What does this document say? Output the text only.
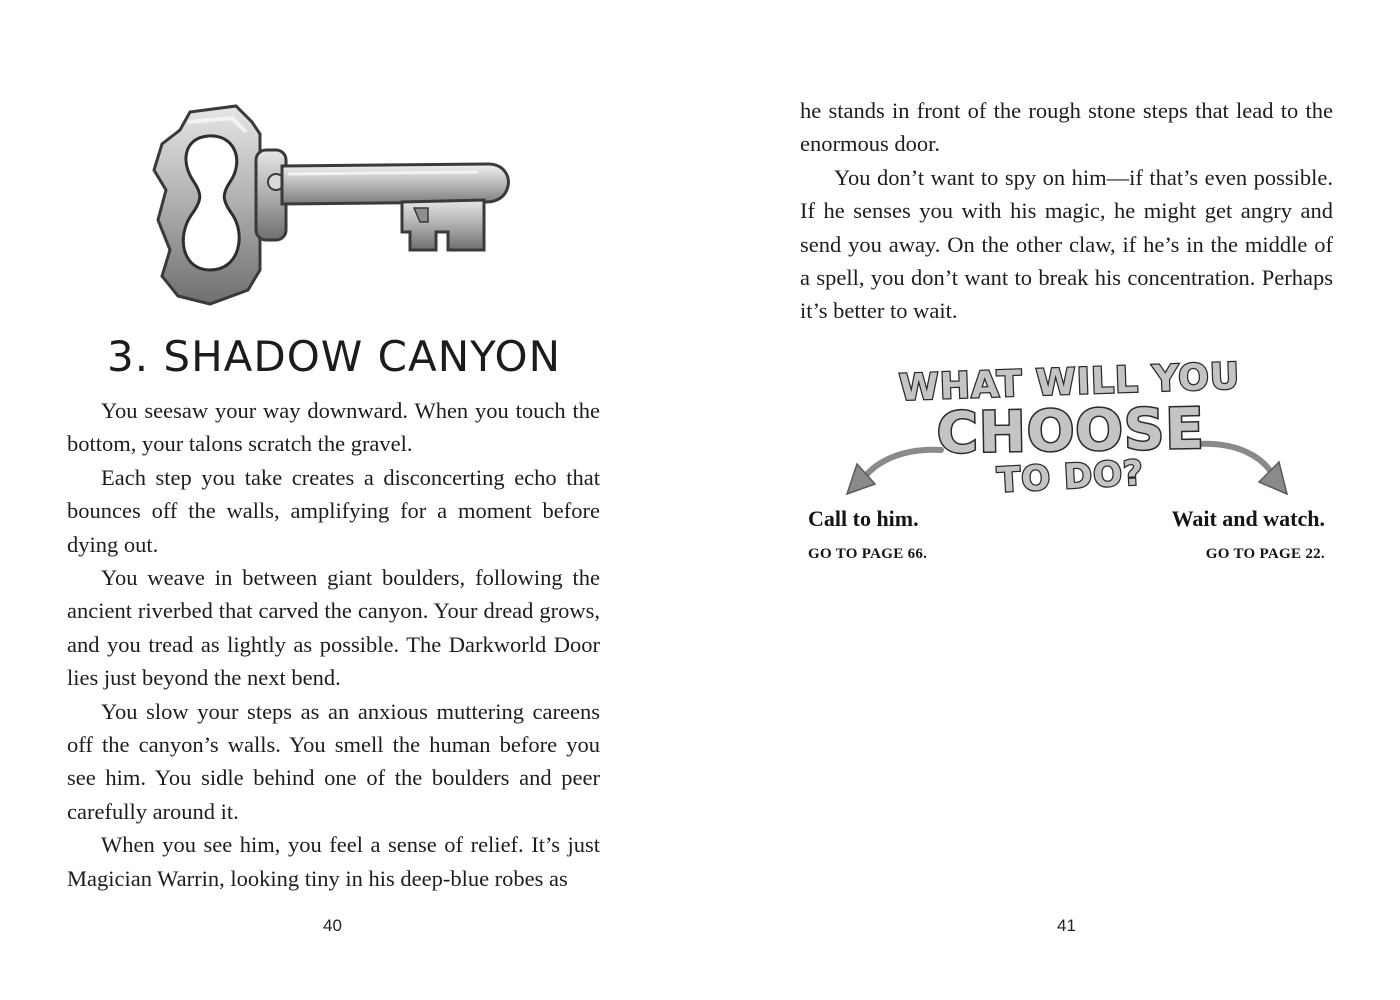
3. SHADOW CANYON

You seesaw your way downward. When you touch the bottom, your talons scratch the gravel.

Each step you take creates a disconcerting echo that bounces off the walls, amplifying for a moment before dying out.

You weave in between giant boulders, following the ancient riverbed that carved the canyon. Your dread grows, and you tread as lightly as possible. The Darkworld Door lies just beyond the next bend.

You slow your steps as an anxious muttering careens off the canyon’s walls. You smell the human before you see him. You sidle behind one of the boulders and peer carefully around it.

When you see him, you feel a sense of relief. It’s just Magician Warrin, looking tiny in his deep-blue robes as

40

he stands in front of the rough stone steps that lead to the enormous door.

You don’t want to spy on him—if that’s even possible. If he senses you with his magic, he might get angry and send you away. On the other claw, if he’s in the middle of a spell, you don’t want to break his concentration. Perhaps it’s better to wait.

WHAT WILL YOU
CHOOSE
TO DO?
Call to him.
GO TO PAGE 66.
Wait and watch.
GO TO PAGE 22.
41
